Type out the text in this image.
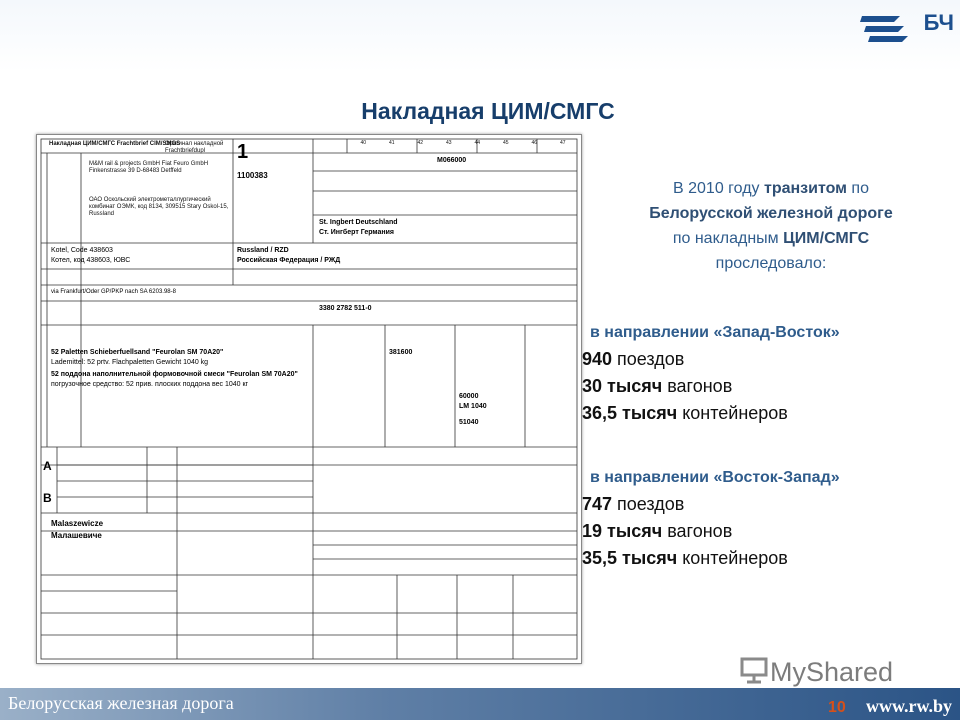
БЧ
Накладная ЦИМ/СМГС
Накладная ЦИМ/СМГС Frachtbrief CIM/SMGS
Оригинал накладной Frachtbriefdupl	1
1100383
M&M rail & projects GmbH Fiat Feuro GmbH Finkenstrasse 39 D-68483 Detffeld
ОАО Оскольский электрометаллургический комбинат ОЭМК, код 8134, 309515 Stary Oskol-15, Russland
M066000
Kotel, Code 438603
Котел, код 438603, ЮВС
Russland / RZD
Российская Федерация / РЖД
St. Ingbert Deutschland
Ст. Ингберт Германия
via Frankfurt/Oder GP/PKP nach SA 6203.98-8
3380 2782 511-0
52 Paletten Schieberfuellsand "Feurolan SM 70A20"
Lademittel: 52 prtv. Flachpaletten Gewicht 1040 kg
52 поддона наполнительной формовочной смеси "Feurolan SM 70A20"
погрузочное средство: 52 прив. плоских поддона вес 1040 кг
381600
60000
LM 1040
51040
A
B
Malaszewicze
Малашевиче
40	41	42	43	44	45	46	47
В 2010 году транзитом по
Белорусской железной дороге
по накладным ЦИМ/СМГС
проследовало:
в направлении «Запад-Восток»
940 поездов
30 тысяч вагонов
36,5 тысяч контейнеров
в направлении «Восток-Запад»
747 поездов
19 тысяч вагонов
35,5 тысяч контейнеров
MyShared
Белорусская железная дорога	10 www.rw.by
